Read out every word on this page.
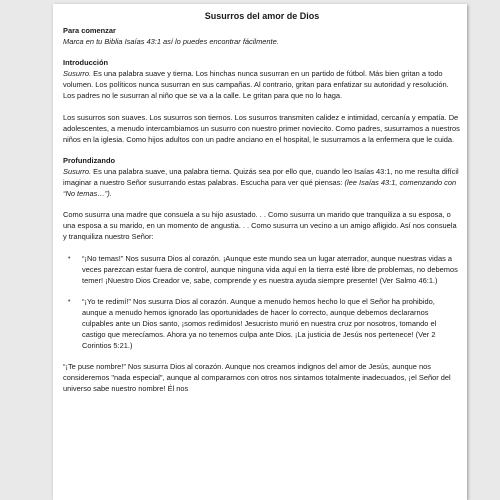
Susurros del amor de Dios

Para comenzar

Marca en tu Biblia Isaías 43:1 así lo puedes encontrar fácilmente.

Introducción

Susurro. Es una palabra suave y tierna. Los hinchas nunca susurran en un partido de fútbol. Más bien gritan a todo volumen. Los políticos nunca susurran en sus campañas. Al contrario, gritan para enfatizar su autoridad y resolución. Los padres no le susurran al niño que se va a la calle. Le gritan para que no lo haga.

Los susurros son suaves. Los susurros son tiernos. Los susurros transmiten calidez e intimidad, cercanía y empatía. De adolescentes, a menudo intercambiamos un susurro con nuestro primer noviecito. Como padres, susurramos a nuestros niños en la iglesia. Como hijos adultos con un padre anciano en el hospital, le susurramos a la enfermera que le cuida.

Profundizando

Susurro. Es una palabra suave, una palabra tierna. Quizás sea por ello que, cuando leo Isaías 43:1, no me resulta difícil imaginar a nuestro Señor susurrando estas palabras. Escucha para ver qué piensas: (lee Isaías 43:1, comenzando con “No temas…”).

Como susurra una madre que consuela a su hijo asustado. . . Como susurra un marido que tranquiliza a su esposa, o una esposa a su marido, en un momento de angustia. . . Como susurra un vecino a un amigo afligido. Así nos consuela y tranquiliza nuestro Señor:

• “¡No temas!” Nos susurra Dios al corazón. ¡Aunque este mundo sea un lugar aterrador, aunque nuestras vidas a veces parezcan estar fuera de control, aunque ninguna vida aquí en la tierra esté libre de problemas, no debemos temer! ¡Nuestro Dios Creador ve, sabe, comprende y es nuestra ayuda siempre presente! (Ver Salmo 46:1.)

• “¡Yo te redimí!” Nos susurra Dios al corazón. Aunque a menudo hemos hecho lo que el Señor ha prohibido, aunque a menudo hemos ignorado las oportunidades de hacer lo correcto, aunque debemos declararnos culpables ante un Dios santo, ¡somos redimidos! Jesucristo murió en nuestra cruz por nosotros, tomando el castigo que merecíamos. Ahora ya no tenemos culpa ante Dios. ¡La justicia de Jesús nos pertenece! (Ver 2 Corintios 5:21.)

“¡Te puse nombre!” Nos susurra Dios al corazón. Aunque nos creamos indignos del amor de Jesús, aunque nos consideremos "nada especial", aunque al compararnos con otros nos sintamos totalmente inadecuados, ¡el Señor del universo sabe nuestro nombre! Él nos
